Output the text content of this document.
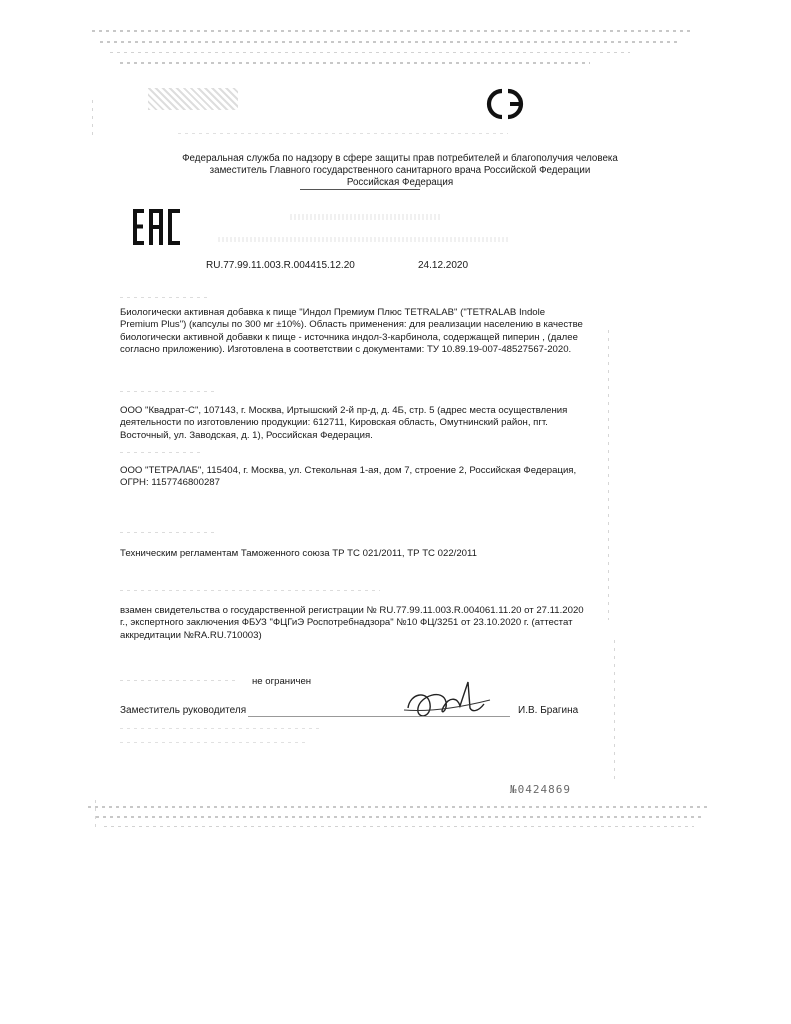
Федеральная служба по надзору в сфере защиты прав потребителей и благополучия человека
заместитель Главного государственного санитарного врача Российской Федерации
Российская Федерация
RU.77.99.11.003.R.004415.12.20	24.12.2020
Биологически активная добавка к пище "Индол Премиум Плюс TETRALAB" ("TETRALAB Indole Premium Plus") (капсулы по 300 мг ±10%). Область применения: для реализации населению в качестве биологически активной добавки к пище - источника индол-3-карбинола, содержащей пиперин , (далее согласно приложению). Изготовлена в соответствии с документами: ТУ 10.89.19-007-48527567-2020.
ООО "Квадрат-С", 107143, г. Москва, Иртышский 2-й пр-д, д. 4Б, стр. 5 (адрес места осуществления деятельности по изготовлению продукции: 612711, Кировская область, Омутнинский район, пгт. Восточный, ул. Заводская, д. 1), Российская Федерация.
ООО "ТЕТРАЛАБ", 115404, г. Москва, ул. Стекольная 1-ая, дом 7, строение 2, Российская Федерация, ОГРН: 1157746800287
Техническим регламентам Таможенного союза ТР ТС 021/2011, ТР ТС 022/2011
взамен свидетельства о государственной регистрации № RU.77.99.11.003.R.004061.11.20 от 27.11.2020 г., экспертного заключения ФБУЗ "ФЦГиЭ Роспотребнадзора" №10 ФЦ/3251 от 23.10.2020 г. (аттестат аккредитации №RA.RU.710003)
не ограничен
Заместитель руководителя	И.В. Брагина
№0424869
